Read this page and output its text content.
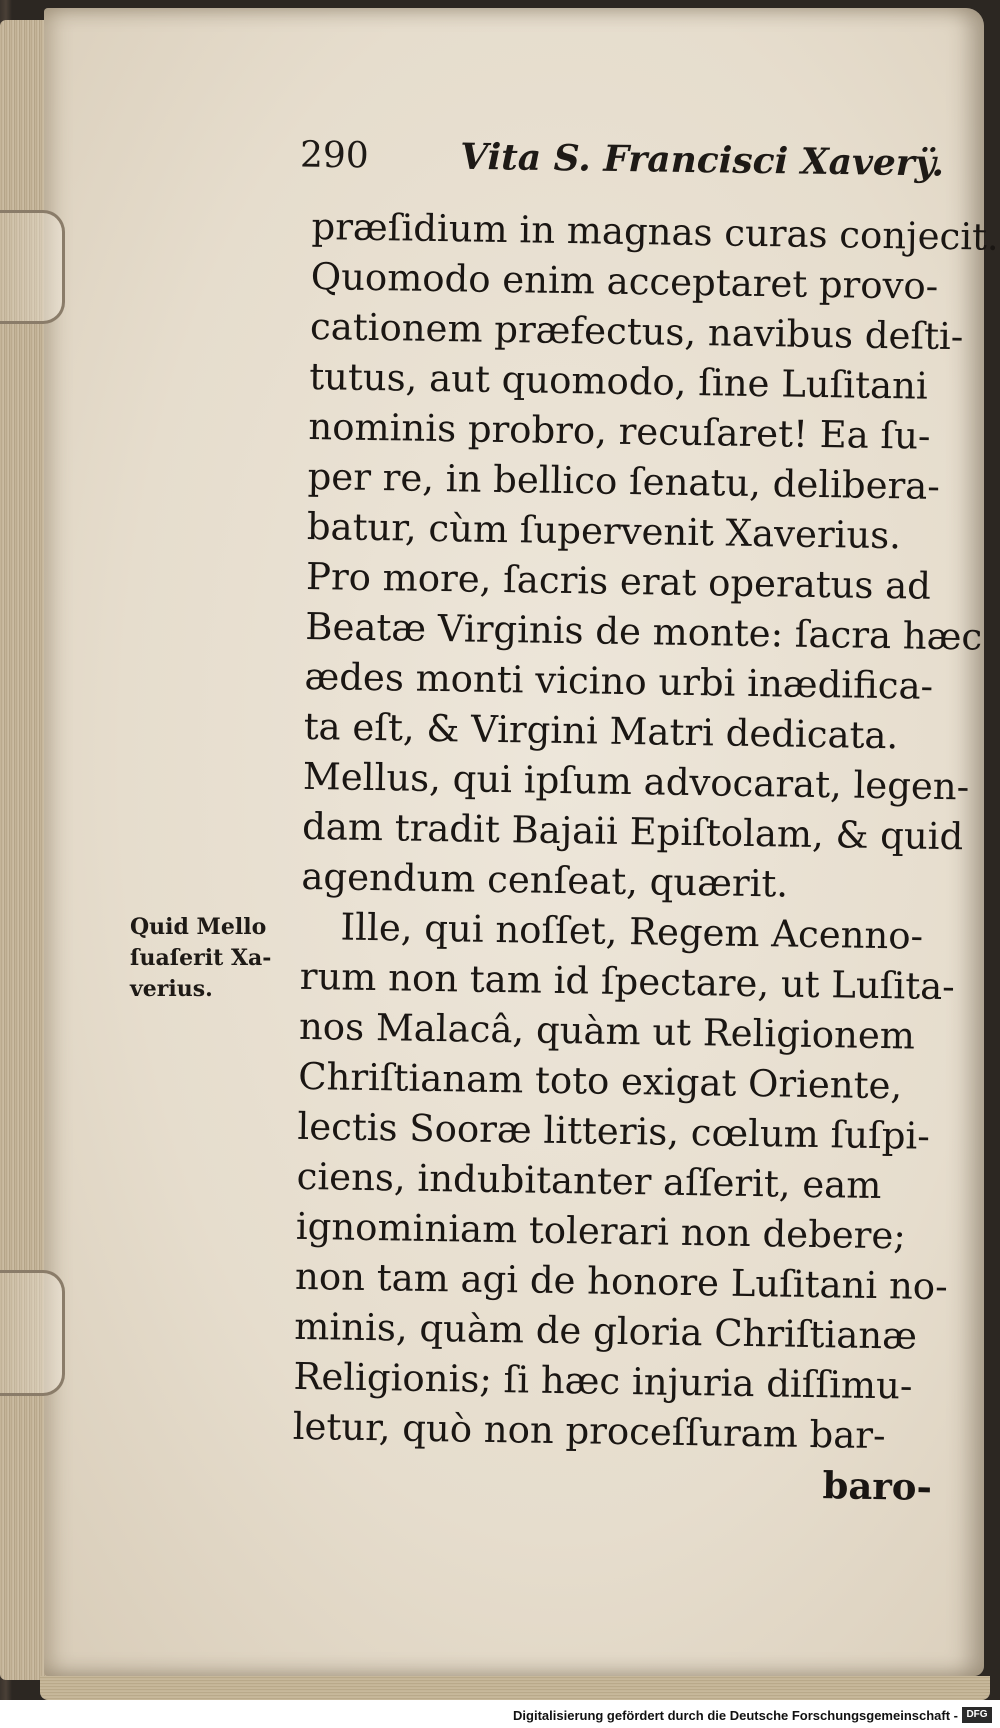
290	Vita S. Francisci Xaverÿ.
præſidium in magnas curas conjecit.
Quomodo enim acceptaret provo-
cationem præfectus, navibus deſti-
tutus, aut quomodo, ſine Luſitani
nominis probro, recuſaret! Ea ſu-
per re, in bellico ſenatu, delibera-
batur, cùm ſupervenit Xaverius.
Pro more, ſacris erat operatus ad
Beatæ Virginis de monte: ſacra hæc
ædes monti vicino urbi inædifica-
ta eſt, & Virgini Matri dedicata.
Mellus, qui ipſum advocarat, legen-
dam tradit Bajaii Epiſtolam, & quid
agendum cenſeat, quærit.
Ille, qui noſſet, Regem Acenno-
rum non tam id ſpectare, ut Luſita-
nos Malacâ, quàm ut Religionem
Chriſtianam toto exigat Oriente,
lectis Sooræ litteris, cœlum ſuſpi-
ciens, indubitanter aſſerit, eam
ignominiam tolerari non debere;
non tam agi de honore Luſitani no-
minis, quàm de gloria Chriſtianæ
Religionis; ſi hæc injuria diſſimu-
letur, quò non proceſſuram bar-
baro-
Quid Mello
ſuaſerit Xa-
verius.
Digitalisierung gefördert durch die Deutsche Forschungsgemeinschaft - DFG
